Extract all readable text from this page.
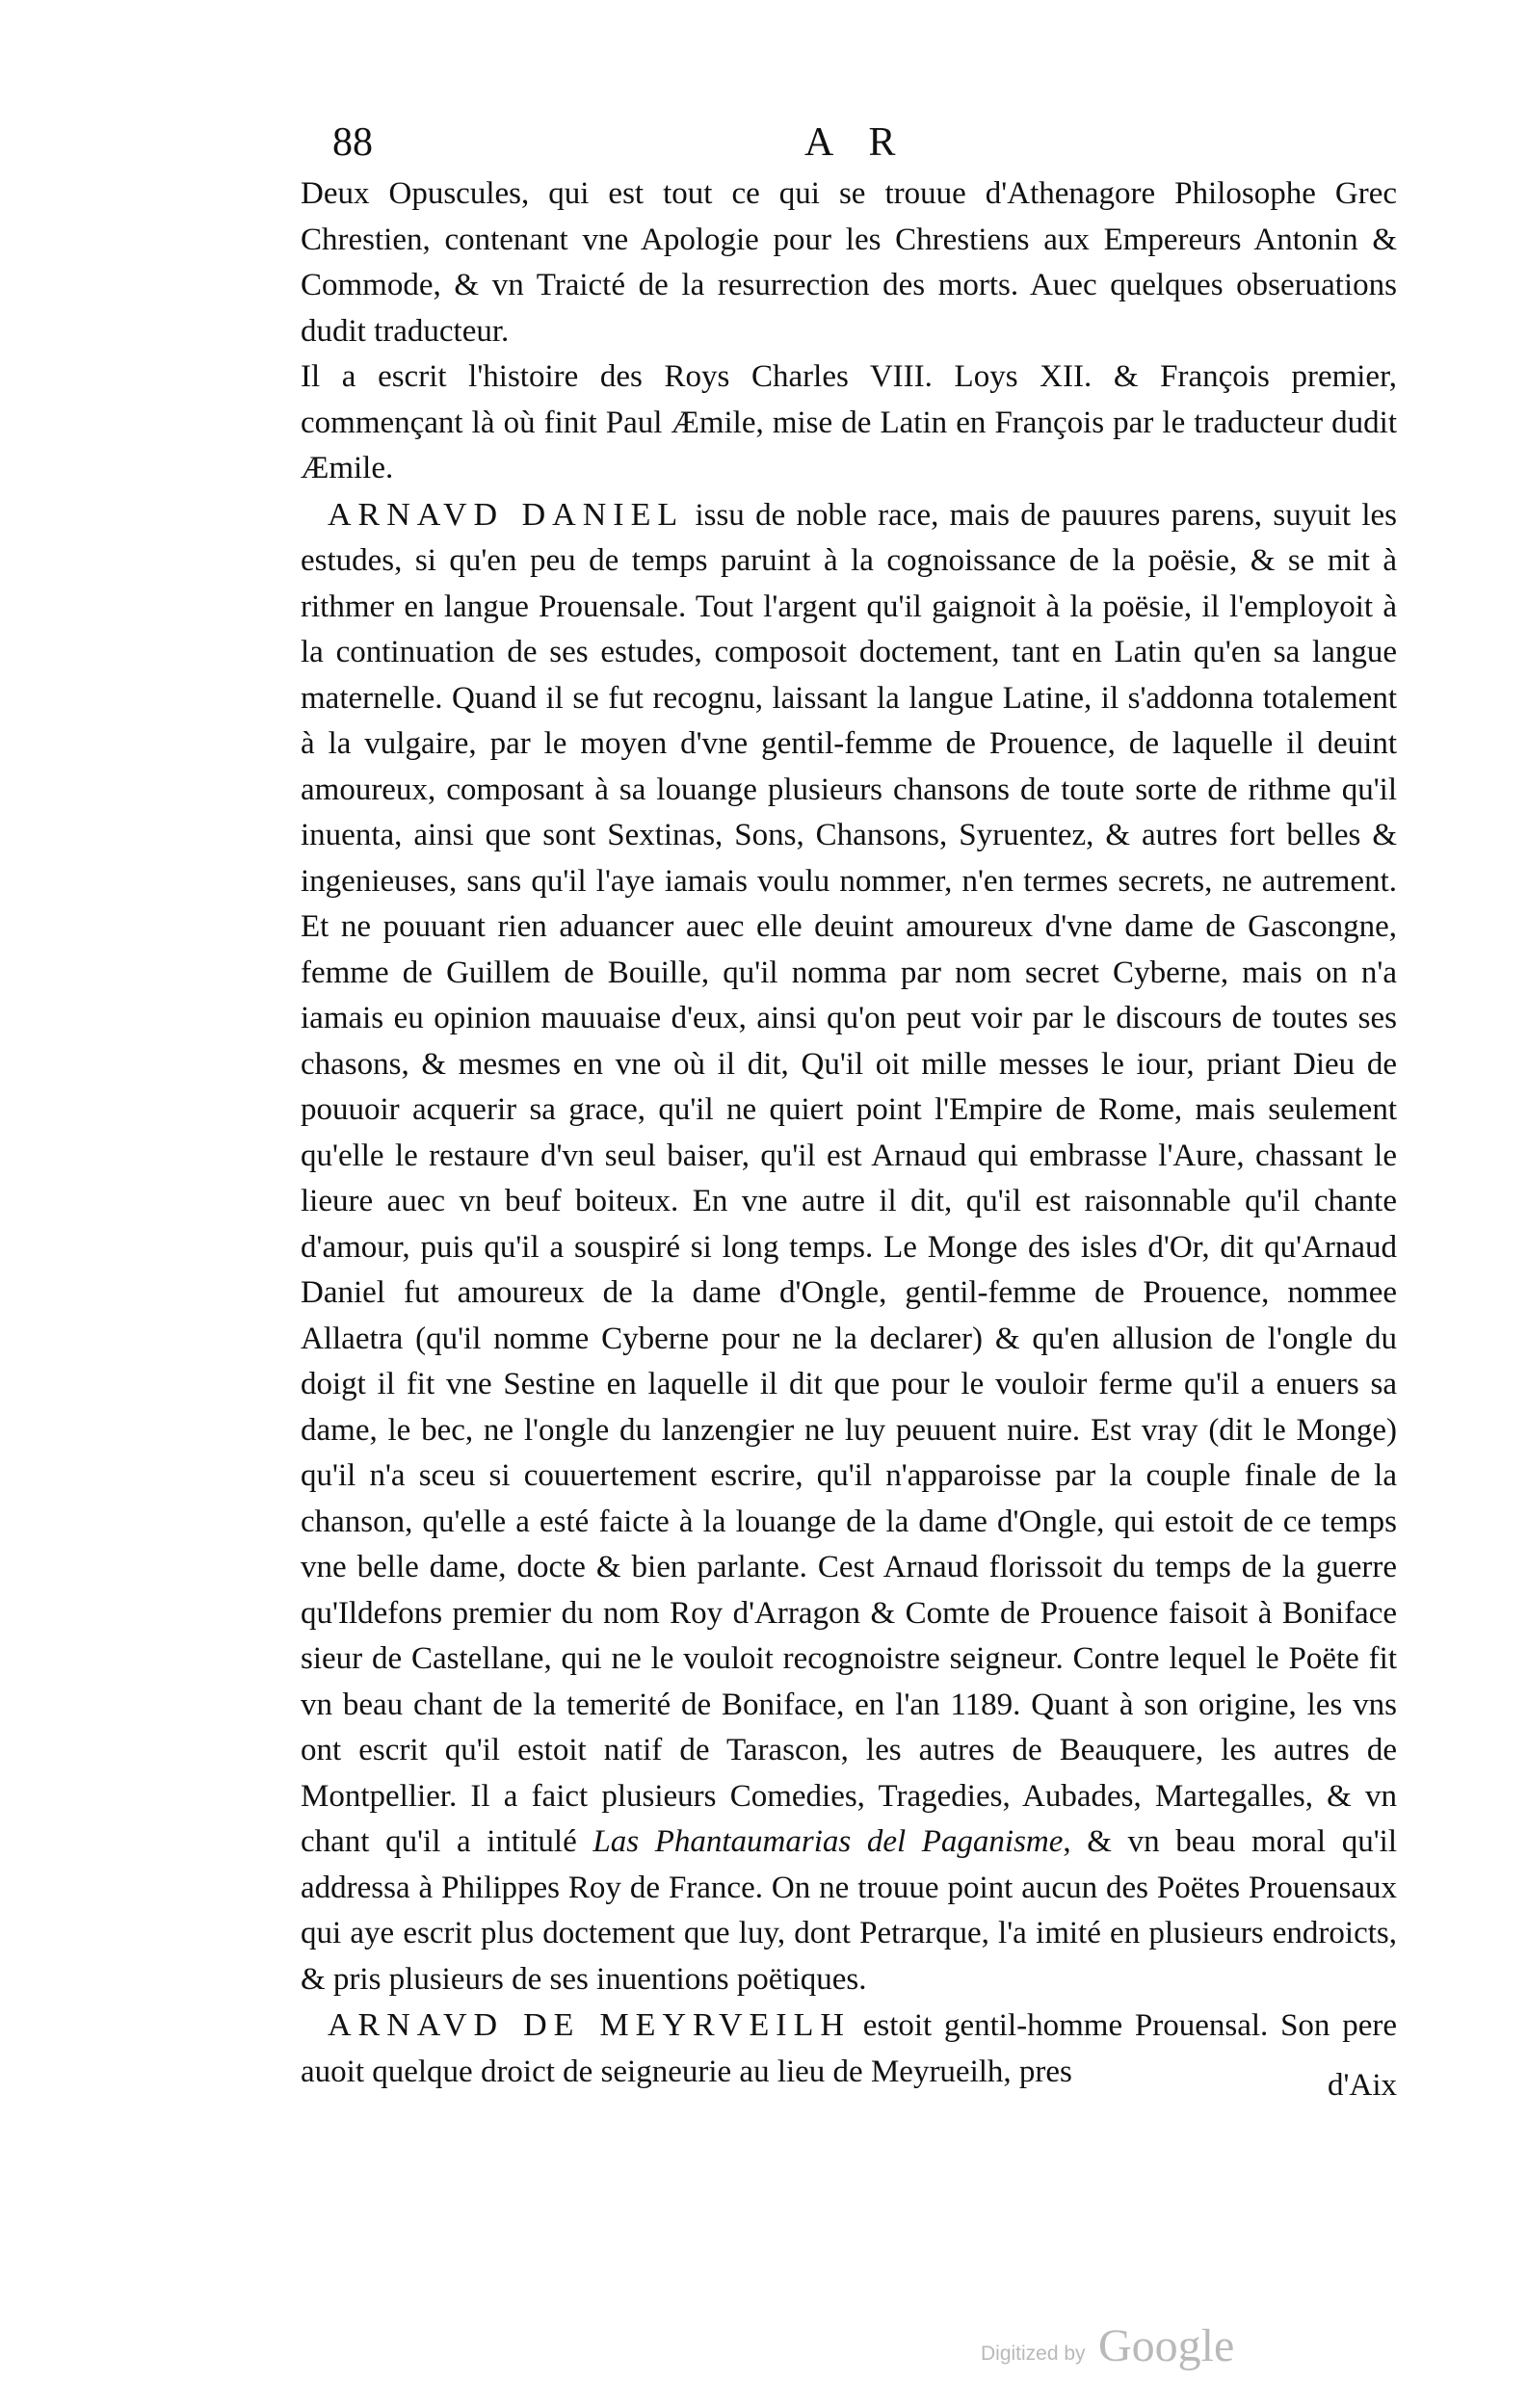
88	A R

Deux Opuscules, qui est tout ce qui se trouue d'Athenagore Philosophe Grec Chrestien, contenant vne Apologie pour les Chrestiens aux Empereurs Antonin & Commode, & vn Traicté de la resurrection des morts. Auec quelques obseruations dudit traducteur.

Il a escrit l'histoire des Roys Charles VIII. Loys XII. & François premier, commençant là où finit Paul Æmile, mise de Latin en François par le traducteur dudit Æmile.

ARNAVD DANIEL issu de noble race, mais de pauures parens, suyuit les estudes, si qu'en peu de temps paruint à la cognoissance de la poësie, & se mit à rithmer en langue Prouensale. Tout l'argent qu'il gaignoit à la poësie, il l'employoit à la continuation de ses estudes, composoit doctement, tant en Latin qu'en sa langue maternelle. Quand il se fut recognu, laissant la langue Latine, il s'addonna totalement à la vulgaire, par le moyen d'vne gentil-femme de Prouence, de laquelle il deuint amoureux, composant à sa louange plusieurs chansons de toute sorte de rithme qu'il inuenta, ainsi que sont Sextinas, Sons, Chansons, Syruentez, & autres fort belles & ingenieuses, sans qu'il l'aye iamais voulu nommer, n'en termes secrets, ne autrement. Et ne pouuant rien aduancer auec elle deuint amoureux d'vne dame de Gascongne, femme de Guillem de Bouille, qu'il nomma par nom secret Cyberne, mais on n'a iamais eu opinion mauuaise d'eux, ainsi qu'on peut voir par le discours de toutes ses chasons, & mesmes en vne où il dit, Qu'il oit mille messes le iour, priant Dieu de pouuoir acquerir sa grace, qu'il ne quiert point l'Empire de Rome, mais seulement qu'elle le restaure d'vn seul baiser, qu'il est Arnaud qui embrasse l'Aure, chassant le lieure auec vn beuf boiteux. En vne autre il dit, qu'il est raisonnable qu'il chante d'amour, puis qu'il a souspiré si long temps. Le Monge des isles d'Or, dit qu'Arnaud Daniel fut amoureux de la dame d'Ongle, gentil-femme de Prouence, nommee Allaetra (qu'il nomme Cyberne pour ne la declarer) & qu'en allusion de l'ongle du doigt il fit vne Sestine en laquelle il dit que pour le vouloir ferme qu'il a enuers sa dame, le bec, ne l'ongle du lanzengier ne luy peuuent nuire. Est vray (dit le Monge) qu'il n'a sceu si couuertement escrire, qu'il n'apparoisse par la couple finale de la chanson, qu'elle a esté faicte à la louange de la dame d'Ongle, qui estoit de ce temps vne belle dame, docte & bien parlante. Cest Arnaud florissoit du temps de la guerre qu'Ildefons premier du nom Roy d'Arragon & Comte de Prouence faisoit à Boniface sieur de Castellane, qui ne le vouloit recognoistre seigneur. Contre lequel le Poëte fit vn beau chant de la temerité de Boniface, en l'an 1189. Quant à son origine, les vns ont escrit qu'il estoit natif de Tarascon, les autres de Beauquere, les autres de Montpellier. Il a faict plusieurs Comedies, Tragedies, Aubades, Martegalles, & vn chant qu'il a intitulé Las Phantaumarias del Paganisme, & vn beau moral qu'il addressa à Philippes Roy de France. On ne trouue point aucun des Poëtes Prouensaux qui aye escrit plus doctement que luy, dont Petrarque, l'a imité en plusieurs endroicts, & pris plusieurs de ses inuentions poëtiques.

ARNAVD DE MEYRVEILH estoit gentil-homme Prouensal. Son pere auoit quelque droict de seigneurie au lieu de Meyrueilh, pres	d'Aix
Digitized by Google
